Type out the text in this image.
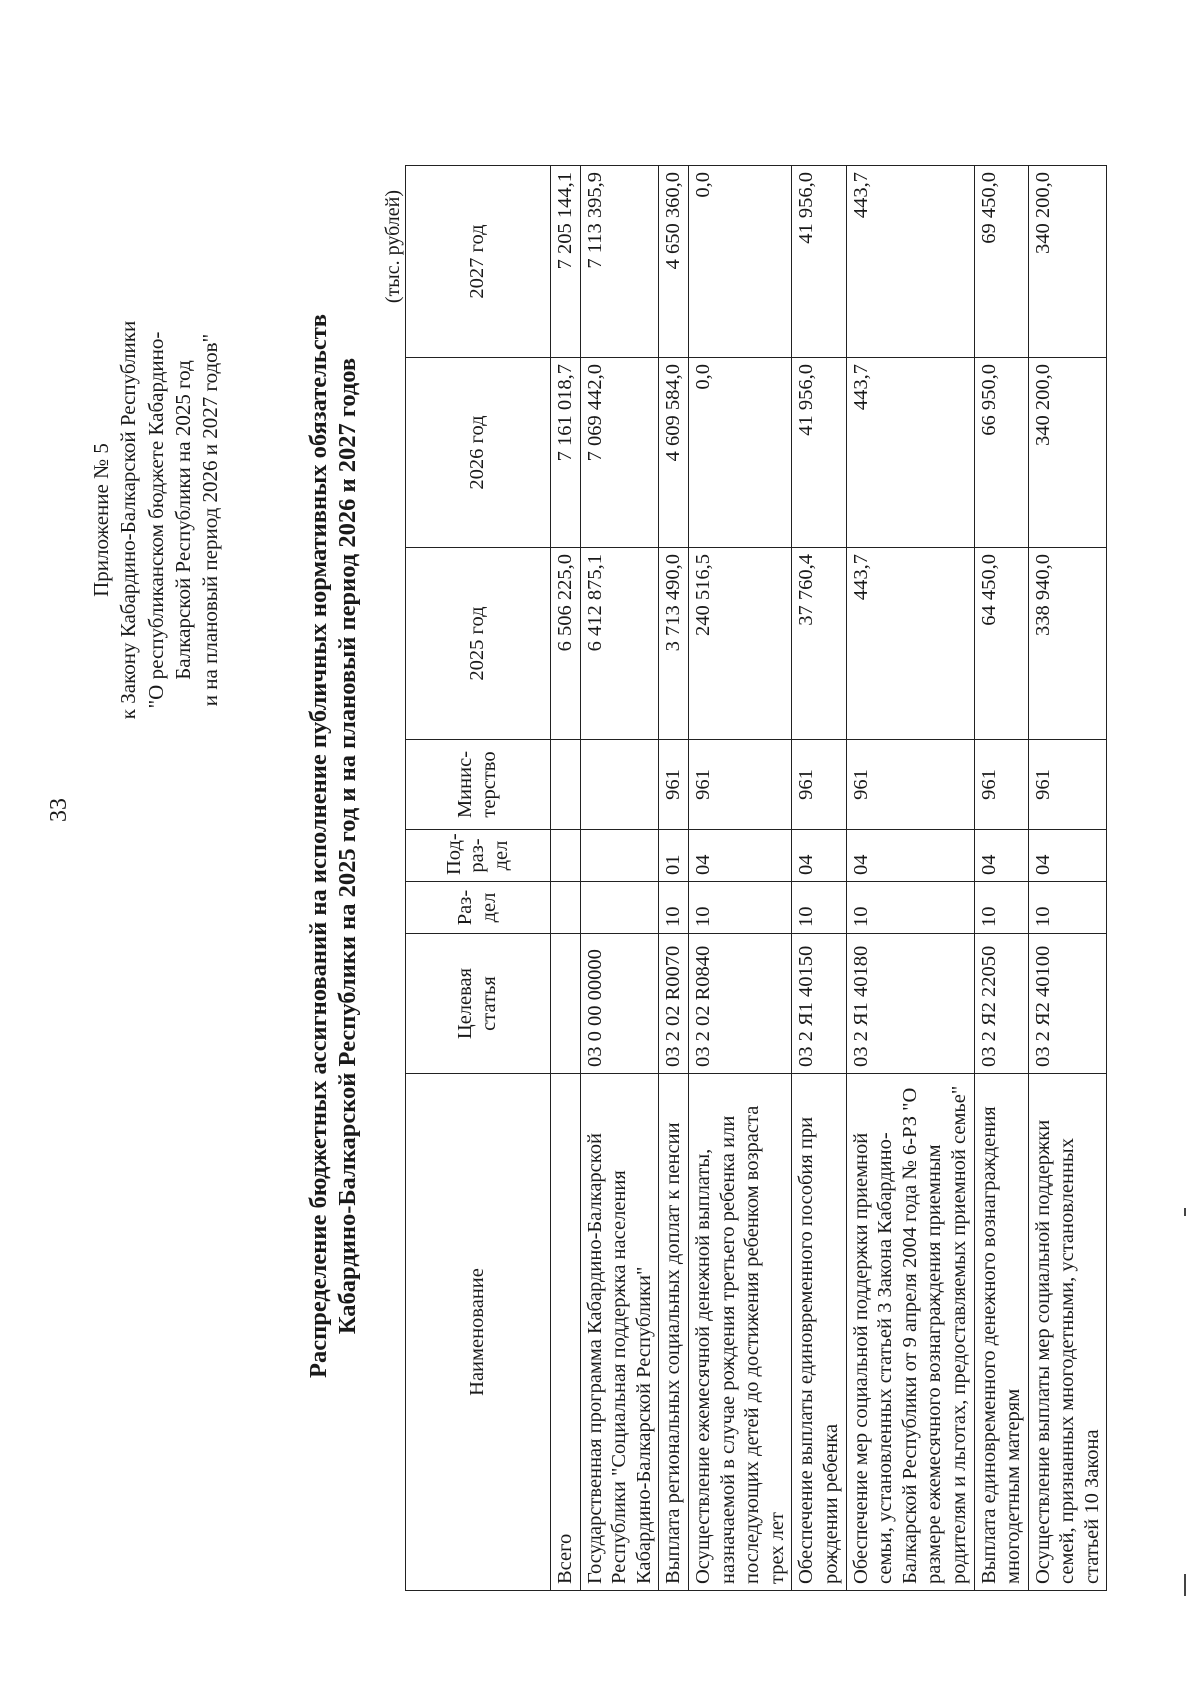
33
Приложение № 5 к Закону Кабардино-Балкарской Республики "О республиканском бюджете Кабардино- Балкарской Республики на 2025 год и на плановый период 2026 и 2027 годов"	Распределение бюджетных ассигнований на исполнение публичных нормативных обязательств Кабардино-Балкарской Республики на 2025 год и на плановый период 2026 и 2027 годов
(тыс. рублей)
Наименование	Целевая статья	Раз- дел	Под- раз- дел	Минис- терство	2025 год	2026 год	2027 год
Всего					6 506 225,0	7 161 018,7	7 205 144,1
Государственная программа Кабардино-Балкарской Республики "Социальная поддержка населения Кабардино-Балкарской Республики"	03 0 00 00000				6 412 875,1	7 069 442,0	7 113 395,9
Выплата региональных социальных доплат к пенсии	03 2 02 R0070	10	01	961	3 713 490,0	4 609 584,0	4 650 360,0
Осуществление ежемесячной денежной выплаты, назначаемой в случае рождения третьего ребенка или последующих детей до достижения ребенком возраста трех лет	03 2 02 R0840	10	04	961	240 516,5	0,0	0,0
Обеспечение выплаты единовременного пособия при рождении ребенка	03 2 Я1 40150	10	04	961	37 760,4	41 956,0	41 956,0
Обеспечение мер социальной поддержки приемной семьи, установленных статьей 3 Закона Кабардино-Балкарской Республики от 9 апреля 2004 года № 6-РЗ "О размере ежемесячного вознаграждения приемным родителям и льготах, предоставляемых приемной семье"	03 2 Я1 40180	10	04	961	443,7	443,7	443,7
Выплата единовременного денежного вознаграждения многодетным матерям	03 2 Я2 22050	10	04	961	64 450,0	66 950,0	69 450,0
Осуществление выплаты мер социальной поддержки семей, признанных многодетными, установленных статьей 10 Закона	03 2 Я2 40100	10	04	961	338 940,0	340 200,0	340 200,0
